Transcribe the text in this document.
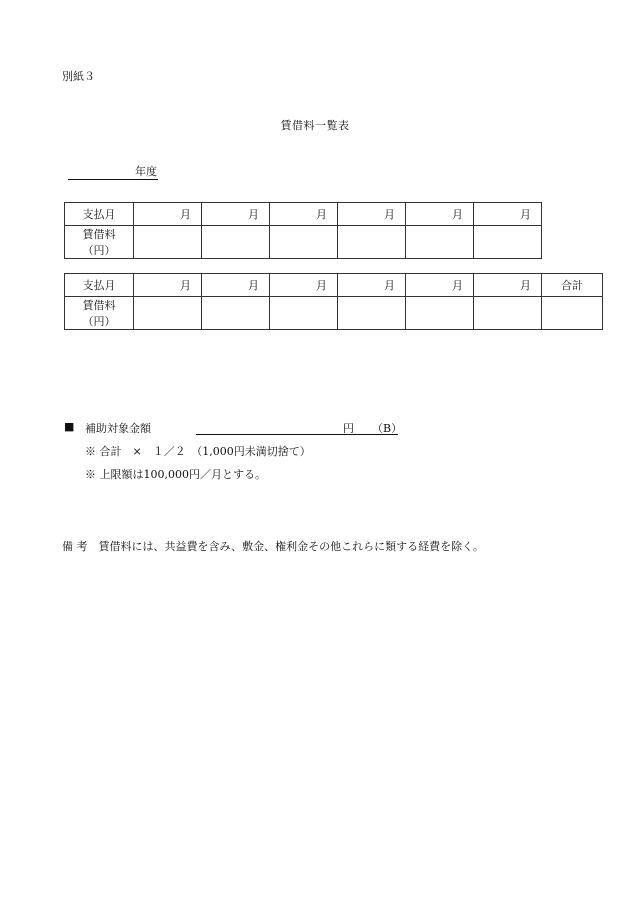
別紙３
賃借料一覧表
年度
支払月	月	月	月	月	月	月
賃借料（円）						
支払月	月	月	月	月	月	月	合計
賃借料（円）							
■ 補助対象金額	円 （B）
※ 合計　×　１／２　（1,000円未満切捨て）
※ 上限額は100,000円／月とする。
備 考　賃借料には、共益費を含み、敷金、権利金その他これらに類する経費を除く。
